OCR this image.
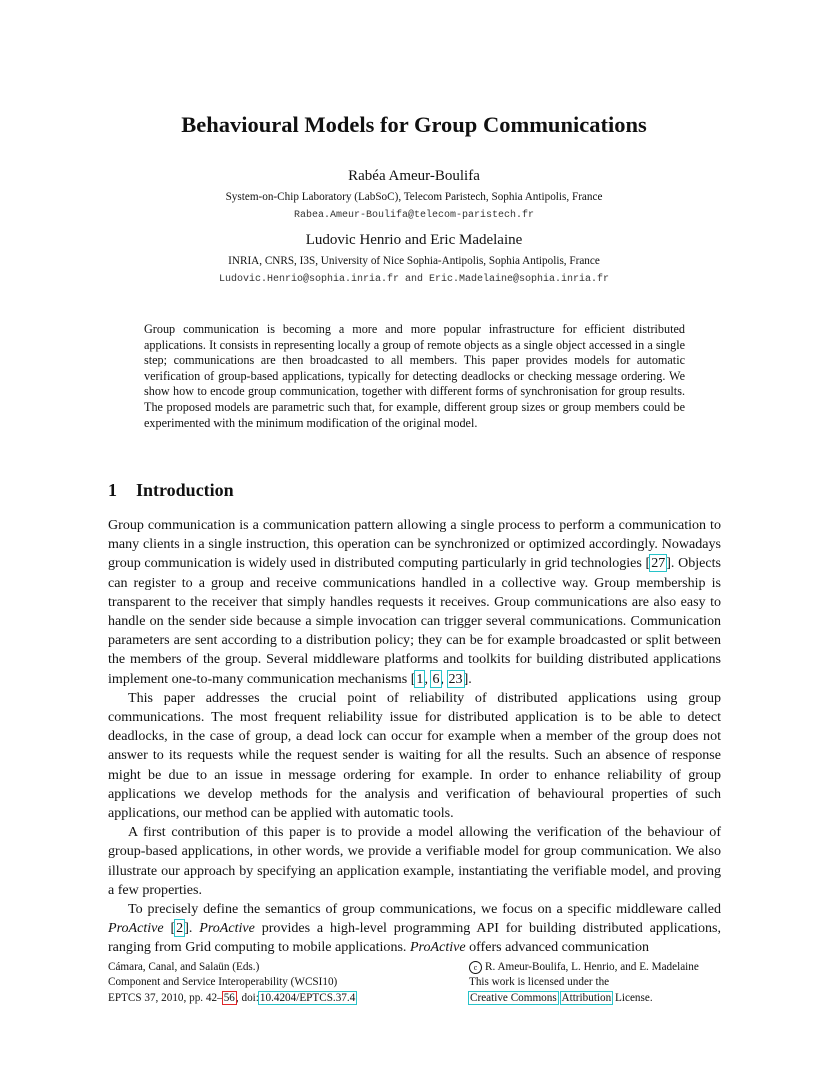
Behavioural Models for Group Communications
Rabéa Ameur-Boulifa
System-on-Chip Laboratory (LabSoC), Telecom Paristech, Sophia Antipolis, France
Rabea.Ameur-Boulifa@telecom-paristech.fr
Ludovic Henrio and Eric Madelaine
INRIA, CNRS, I3S, University of Nice Sophia-Antipolis, Sophia Antipolis, France
Ludovic.Henrio@sophia.inria.fr and Eric.Madelaine@sophia.inria.fr

Group communication is becoming a more and more popular infrastructure for efficient distributed applications. It consists in representing locally a group of remote objects as a single object accessed in a single step; communications are then broadcasted to all members. This paper provides models for automatic verification of group-based applications, typically for detecting deadlocks or checking message ordering. We show how to encode group communication, together with different forms of synchronisation for group results. The proposed models are parametric such that, for example, different group sizes or group members could be experimented with the minimum modification of the original model.

1 Introduction

Group communication is a communication pattern allowing a single process to perform a communication to many clients in a single instruction, this operation can be synchronized or optimized accordingly. Nowadays group communication is widely used in distributed computing particularly in grid technologies [27]. Objects can register to a group and receive communications handled in a collective way. Group membership is transparent to the receiver that simply handles requests it receives. Group communications are also easy to handle on the sender side because a simple invocation can trigger several communications. Communication parameters are sent according to a distribution policy; they can be for example broadcasted or split between the members of the group. Several middleware platforms and toolkits for building distributed applications implement one-to-many communication mechanisms [1, 6, 23].

This paper addresses the crucial point of reliability of distributed applications using group communications. The most frequent reliability issue for distributed application is to be able to detect deadlocks, in the case of group, a dead lock can occur for example when a member of the group does not answer to its requests while the request sender is waiting for all the results. Such an absence of response might be due to an issue in message ordering for example. In order to enhance reliability of group applications we develop methods for the analysis and verification of behavioural properties of such applications, our method can be applied with automatic tools.

A first contribution of this paper is to provide a model allowing the verification of the behaviour of group-based applications, in other words, we provide a verifiable model for group communication. We also illustrate our approach by specifying an application example, instantiating the verifiable model, and proving a few properties.

To precisely define the semantics of group communications, we focus on a specific middleware called ProActive [2]. ProActive provides a high-level programming API for building distributed applications, ranging from Grid computing to mobile applications. ProActive offers advanced communication

Cámara, Canal, and Salaün (Eds.)
Component and Service Interoperability (WCSI10)
EPTCS 37, 2010, pp. 42–56, doi:10.4204/EPTCS.37.4
c R. Ameur-Boulifa, L. Henrio, and E. Madelaine
This work is licensed under the
Creative Commons Attribution License.
